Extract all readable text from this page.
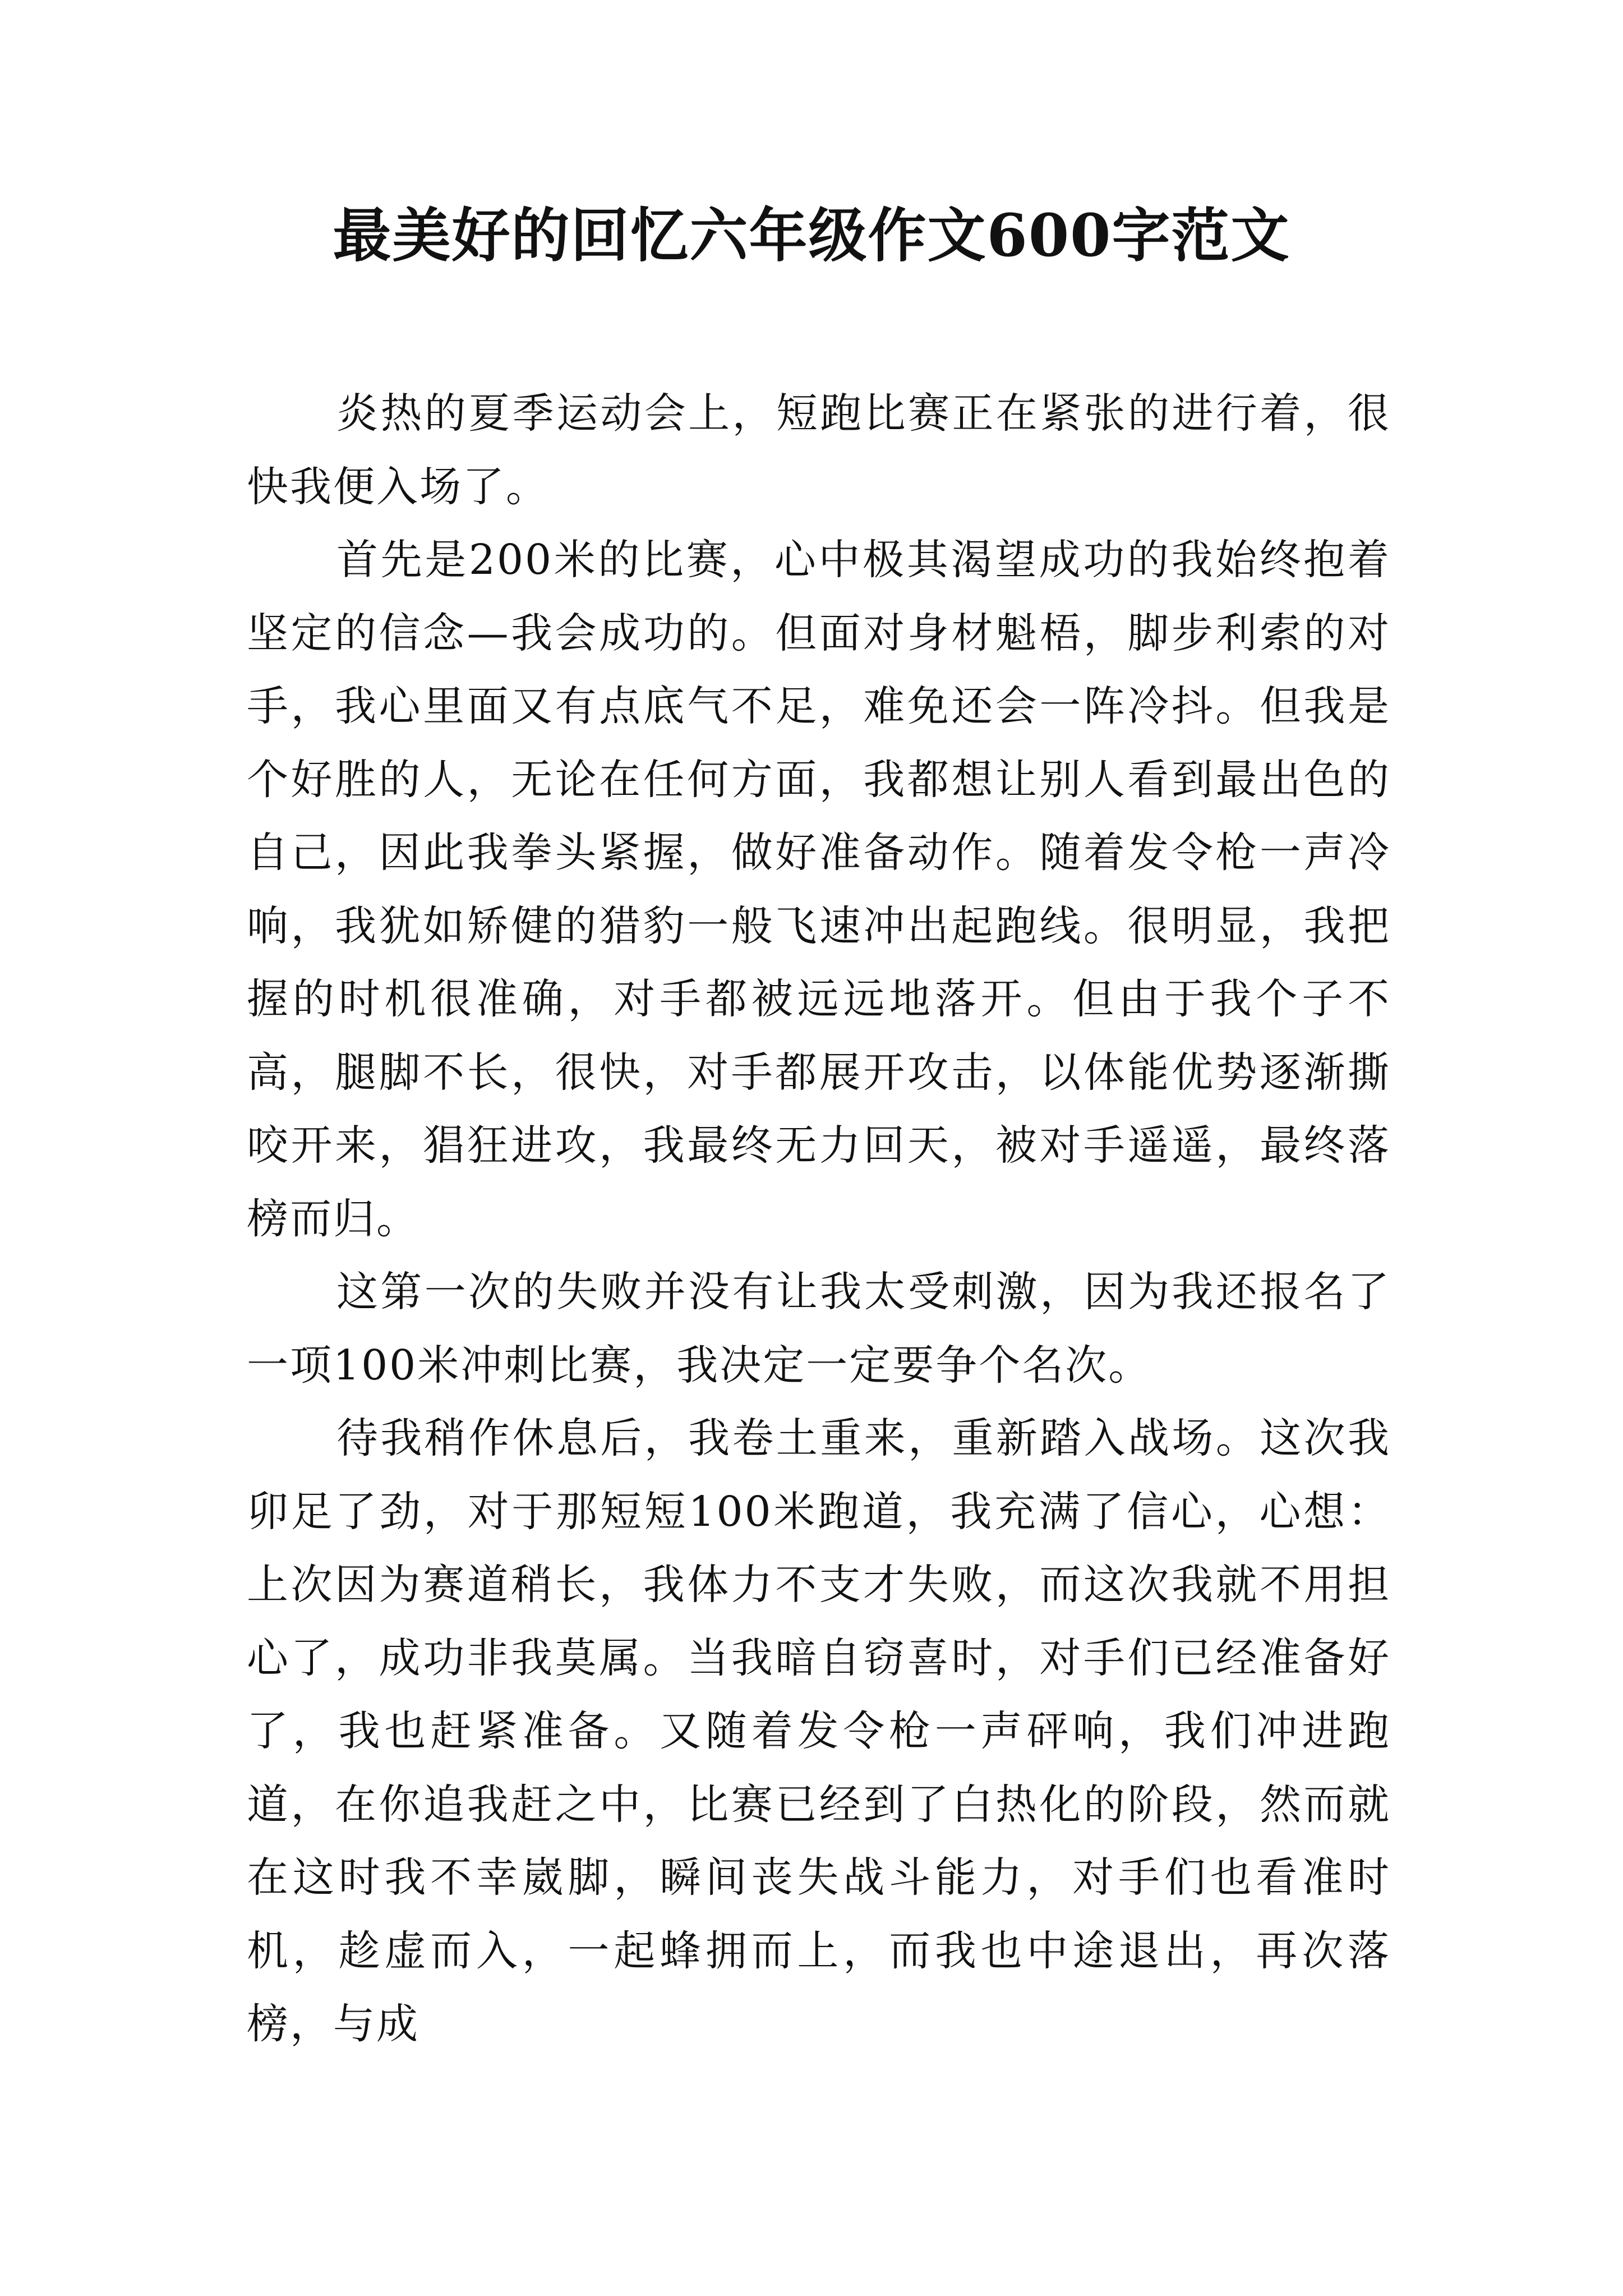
最美好的回忆六年级作文600字范文

炎热的夏季运动会上，短跑比赛正在紧张的进行着，很快我便入场了。

首先是200米的比赛，心中极其渴望成功的我始终抱着坚定的信念—我会成功的。但面对身材魁梧，脚步利索的对手，我心里面又有点底气不足，难免还会一阵冷抖。但我是个好胜的人，无论在任何方面，我都想让别人看到最出色的自己，因此我拳头紧握，做好准备动作。随着发令枪一声冷响，我犹如矫健的猎豹一般飞速冲出起跑线。很明显，我把握的时机很准确，对手都被远远地落开。但由于我个子不高，腿脚不长，很快，对手都展开攻击，以体能优势逐渐撕咬开来，猖狂进攻，我最终无力回天，被对手遥遥，最终落榜而归。

这第一次的失败并没有让我太受刺激，因为我还报名了一项100米冲刺比赛，我决定一定要争个名次。

待我稍作休息后，我卷土重来，重新踏入战场。这次我卯足了劲，对于那短短100米跑道，我充满了信心，心想：上次因为赛道稍长，我体力不支才失败，而这次我就不用担心了，成功非我莫属。当我暗自窃喜时，对手们已经准备好了，我也赶紧准备。又随着发令枪一声砰响，我们冲进跑道，在你追我赶之中，比赛已经到了白热化的阶段，然而就在这时我不幸崴脚，瞬间丧失战斗能力，对手们也看准时机，趁虚而入，一起蜂拥而上，而我也中途退出，再次落榜，与成
